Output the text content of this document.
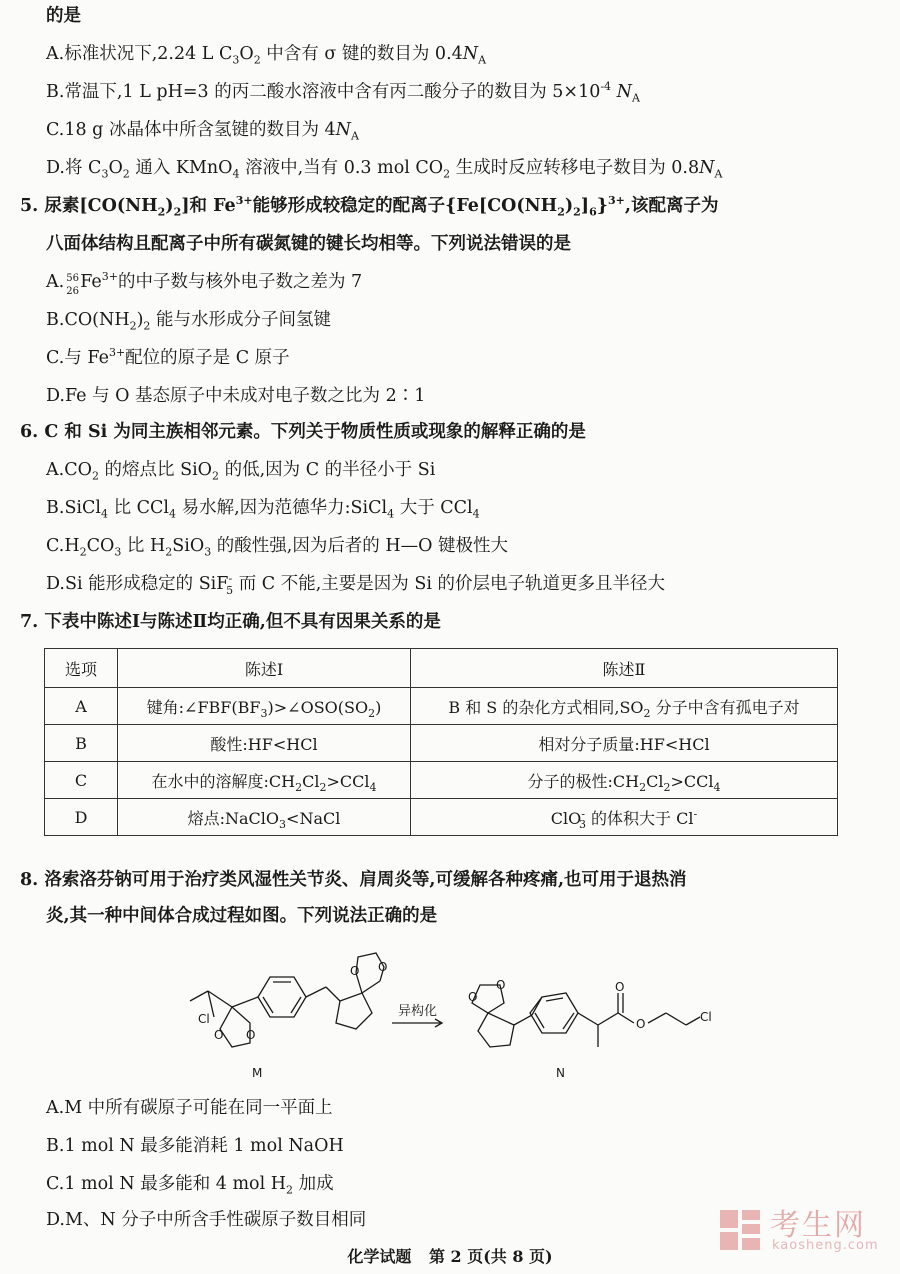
的是
A.标准状况下,2.24 L $C_3O_2$ 中含有 σ 键的数目为 $0.4N_A$
B.常温下,1 L pH=3 的丙二酸水溶液中含有丙二酸分子的数目为 $5\times 10^{-4}$ $N_A$
C.18 g 冰晶体中所含氢键的数目为 $4N_A$
D.将 $C_3O_2$ 通入 KMnO$_4$ 溶液中,当有 0.3 mol $CO_2$ 生成时反应转移电子数目为 $0.8N_A$
5. 尿素$[CO(NH_2)_2]$和 $Fe^{3+}$能够形成较稳定的配离子$\{Fe[CO(NH_2)_2]_6\}^{3+}$,该配离子为
八面体结构且配离子中所有碳氮键的键长均相等。下列说法错误的是
A. 56
26 $Fe^{3+}$的中子数与核外电子数之差为 7
$B.CO(NH_2)_2$ 能与水形成分子间氢键
C.与 $Fe^{3+}$配位的原子是 C 原子
D.Fe 与 O 基态原子中未成对电子数之比为 2∶1
6. C 和 Si 为同主族相邻元素。下列关于物质性质或现象的解释正确的是
$A.CO_2$ 的熔点比 SiO$_2$ 的低,因为 C 的半径小于 Si
B.SiCl$_4$ 比 CCl$_4$ 易水解,因为范德华力:SiCl$_4$ 大于 CCl$_4$
$C.H_2CO_3$ 比 $H_2SiO_3$ 的酸性强,因为后者的 H—O 键极性大
D.Si 能形成稳定的 SiF-$_5$ 而 C 不能,主要是因为 Si 的价层电子轨道更多且半径大
7. 下表中陈述Ⅰ与陈述Ⅱ均正确,但不具有因果关系的是
选项	陈述Ⅰ	陈述Ⅱ
A	键角$:\angle FBF(BF_3)>\angle OSO(SO_2)$	B 和 S 的杂化方式相同$,SO_2$ 分子中含有孤电子对
B	酸性:HF<HCl	相对分子质量:HF<HCl
C	在水中的溶解度$:CH_2Cl_2>CCl_4$	分子的极性$:CH_2Cl_2>CCl_4$
D	熔点:NaClO$_3$<NaCl	ClO-$_3$ 的体积大于 Cl-
8. 洛索洛芬钠可用于治疗类风湿性关节炎、肩周炎等,可缓解各种疼痛,也可用于退热消
炎,其一种中间体合成过程如图。下列说法正确的是
Cl
O O
O O
O
O	O
O	Cl
M	N
异构化
A.M 中所有碳原子可能在同一平面上
B.1 mol N 最多能消耗 1 mol NaOH
C.1 mol N 最多能和 4 mol $H_2$ 加成
D.M、N 分子中所含手性碳原子数目相同
化学试题 第 2 页(共 8 页)
考生网
kaosheng.com
